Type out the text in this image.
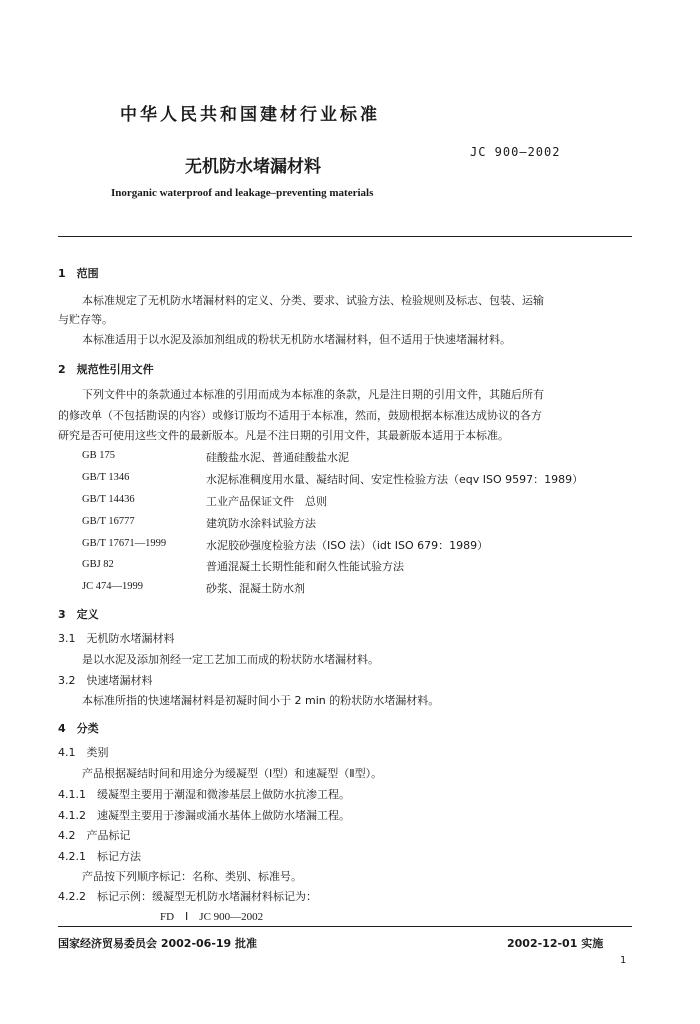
中华人民共和国建材行业标准
JC 900—2002
无机防水堵漏材料
Inorganic waterproof and leakage–preventing materials
1　范围
本标准规定了无机防水堵漏材料的定义、分类、要求、试验方法、检验规则及标志、包装、运输
与贮存等。
本标准适用于以水泥及添加剂组成的粉状无机防水堵漏材料，但不适用于快速堵漏材料。
2　规范性引用文件
下列文件中的条款通过本标准的引用而成为本标准的条款，凡是注日期的引用文件，其随后所有
的修改单（不包括勘误的内容）或修订版均不适用于本标准，然而，鼓励根据本标准达成协议的各方
研究是否可使用这些文件的最新版本。凡是不注日期的引用文件，其最新版本适用于本标准。
GB 175	硅酸盐水泥、普通硅酸盐水泥
GB/T 1346	水泥标准稠度用水量、凝结时间、安定性检验方法（eqv ISO 9597：1989）
GB/T 14436	工业产品保证文件　总则
GB/T 16777	建筑防水涂料试验方法
GB/T 17671—1999	水泥胶砂强度检验方法（ISO 法）（idt ISO 679：1989）
GBJ 82	普通混凝土长期性能和耐久性能试验方法
JC 474—1999	砂浆、混凝土防水剂
3　定义
3.1　无机防水堵漏材料
是以水泥及添加剂经一定工艺加工而成的粉状防水堵漏材料。
3.2　快速堵漏材料
本标准所指的快速堵漏材料是初凝时间小于 2 min 的粉状防水堵漏材料。
4　分类
4.1　类别
产品根据凝结时间和用途分为缓凝型（Ⅰ型）和速凝型（Ⅱ型）。
4.1.1　缓凝型主要用于潮湿和微渗基层上做防水抗渗工程。
4.1.2　速凝型主要用于渗漏或涌水基体上做防水堵漏工程。
4.2　产品标记
4.2.1　标记方法
产品按下列顺序标记：名称、类别、标准号。
4.2.2　标记示例：缓凝型无机防水堵漏材料标记为：
FD　Ⅰ　JC 900—2002
国家经济贸易委员会 2002-06-19 批准	2002-12-01 实施
1
